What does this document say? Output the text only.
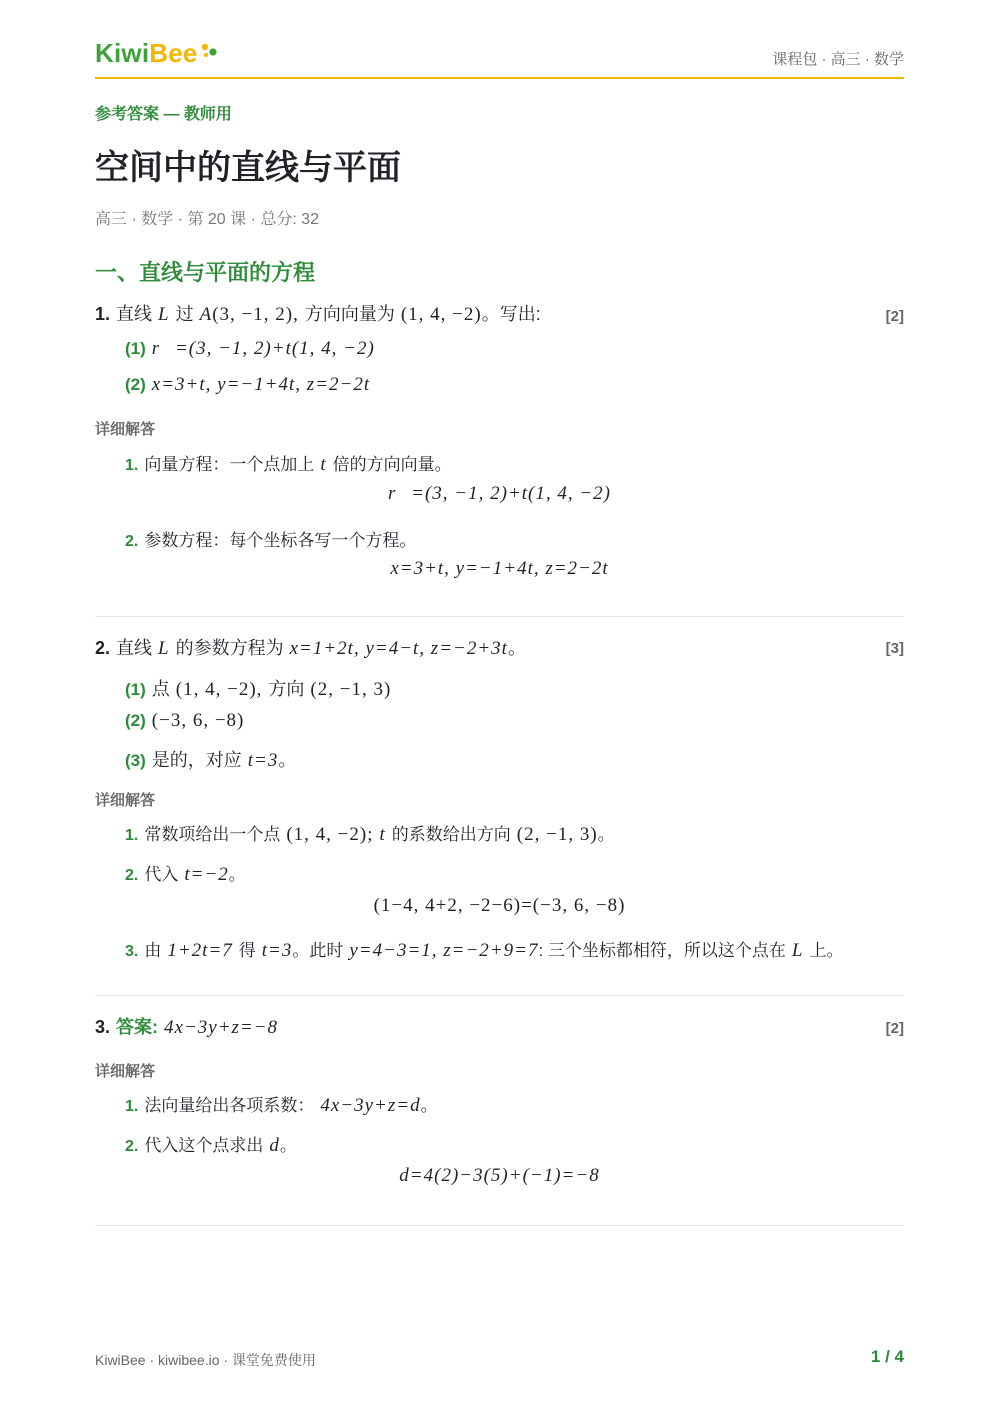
KiwiBee	课程包 · 高三 · 数学
参考答案 — 教师用
空间中的直线与平面
高三 · 数学 · 第 20 课 · 总分: 32
一、直线与平面的方程
1. 直线 L 过 A (3, −1, 2), 方向向量为 (1, 4, −2) 。写出:	[2]
(1) r⃗=(3, −1, 2)+t(1, 4, −2)
(2) x=3+t, y=−1+4t, z=2−2t
详细解答
1. 向量方程：一个点加上 t 倍的方向向量。
r⃗=(3, −1, 2)+t(1, 4, −2)
2. 参数方程：每个坐标各写一个方程。
x=3+t, y=−1+4t, z=2−2t
2. 直线 L 的参数方程为 x=1+2t, y=4−t, z=−2+3t 。	[3]
(1) 点 (1, 4, −2), 方向 (2, −1, 3)
(2) (−3, 6, −8)
(3) 是的，对应 t=3 。
详细解答
1. 常数项给出一个点 (1, 4, −2); t 的系数给出方向 (2, −1, 3) 。
2. 代入 t=−2 。
(1−4, 4+2, −2−6)=(−3, 6, −8)
3. 由 1+2t=7 得 t=3 。此时 y=4−3=1, z=−2+9=7 : 三个坐标都相符，所以这个点在 L 上。
3. 答案: 4x−3y+z=−8	[2]
详细解答
1. 法向量给出各项系数： 4x−3y+z=d 。
2. 代入这个点求出 d 。
d=4(2)−3(5)+(−1)=−8
KiwiBee · kiwibee.io · 课堂免费使用	1 / 4
